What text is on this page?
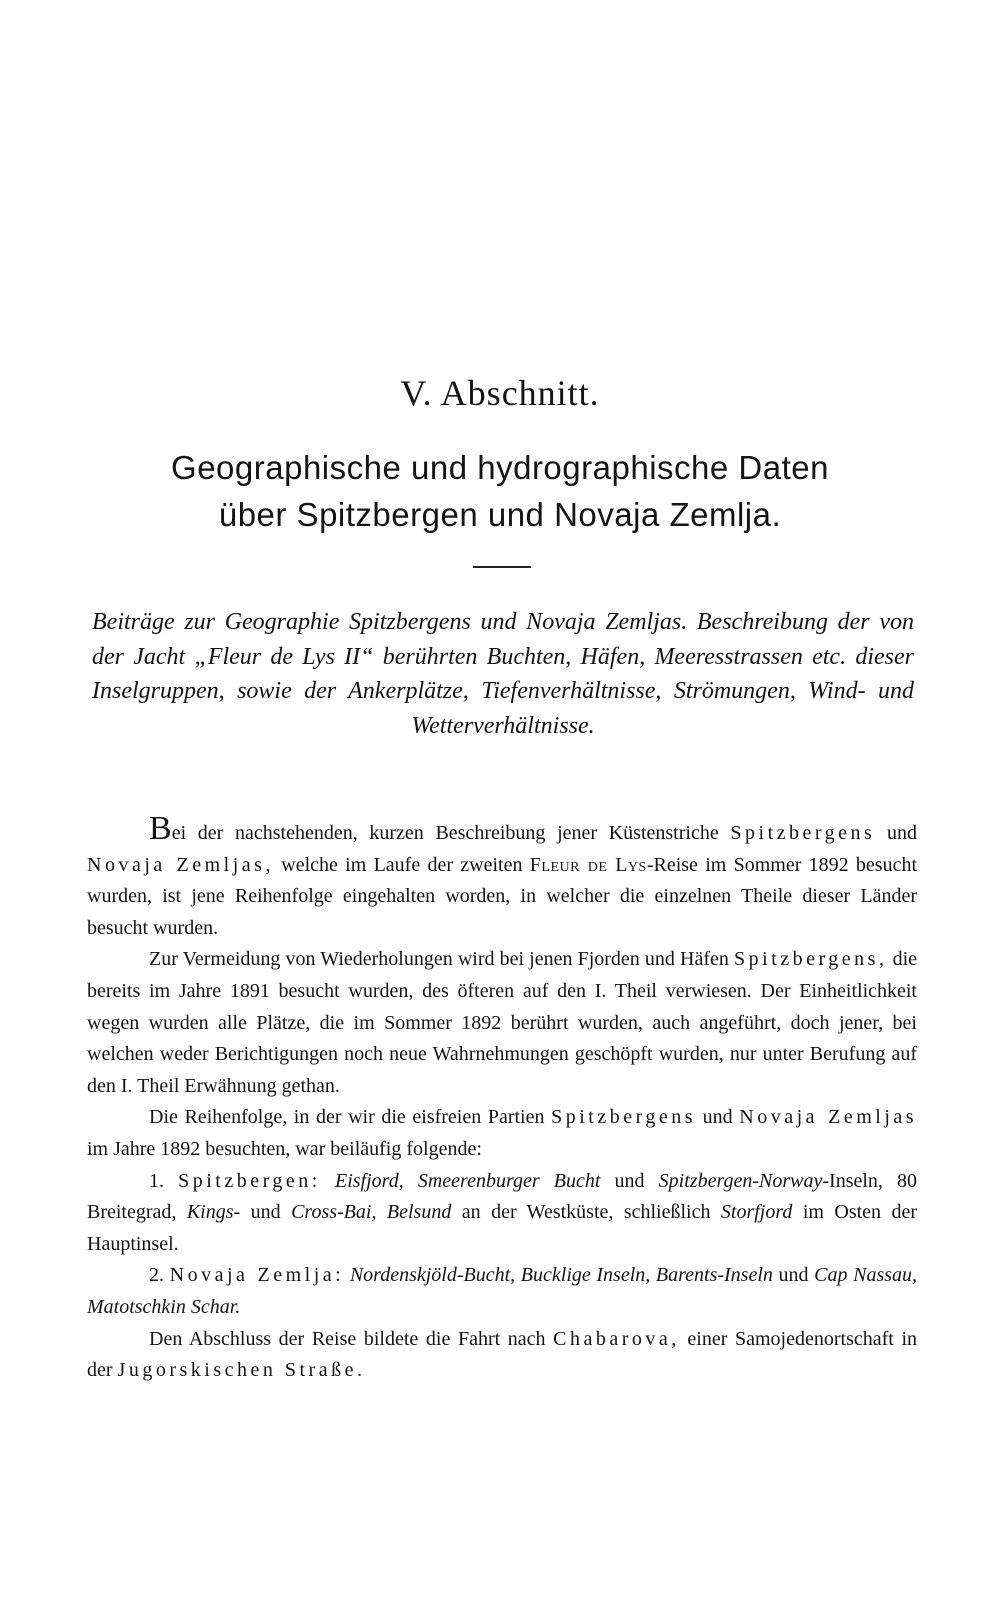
V. Abschnitt.
Geographische und hydrographische Daten
über Spitzbergen und Novaja Zemlja.
Beiträge zur Geographie Spitzbergens und Novaja Zemljas. Beschreibung der von der Jacht „Fleur de Lys II“ berührten Buchten, Häfen, Meeresstrassen etc. dieser Inselgruppen, sowie der Ankerplätze, Tiefenverhältnisse, Strömungen, Wind- und Wetterverhältnisse.

Bei der nachstehenden, kurzen Beschreibung jener Küstenstriche Spitzbergens und Novaja Zemljas, welche im Laufe der zweiten Fleur de Lys-Reise im Sommer 1892 besucht wurden, ist jene Reihenfolge eingehalten worden, in welcher die einzelnen Theile dieser Länder besucht wurden.

Zur Vermeidung von Wiederholungen wird bei jenen Fjorden und Häfen Spitzbergens, die bereits im Jahre 1891 besucht wurden, des öfteren auf den I. Theil verwiesen. Der Einheitlichkeit wegen wurden alle Plätze, die im Sommer 1892 berührt wurden, auch angeführt, doch jener, bei welchen weder Berichtigungen noch neue Wahrnehmungen geschöpft wurden, nur unter Berufung auf den I. Theil Erwähnung gethan.

Die Reihenfolge, in der wir die eisfreien Partien Spitzbergens und Novaja Zemljas im Jahre 1892 besuchten, war beiläufig folgende:

1. Spitzbergen: Eisfjord, Smeerenburger Bucht und Spitzbergen-Norway-Inseln, 80 Breitegrad, Kings- und Cross-Bai, Belsund an der Westküste, schließlich Storfjord im Osten der Hauptinsel.

2. Novaja Zemlja: Nordenskjöld-Bucht, Bucklige Inseln, Barents-Inseln und Cap Nassau, Matotschkin Schar.

Den Abschluss der Reise bildete die Fahrt nach Chabarova, einer Samojedenortschaft in der Jugorskischen Straße.
